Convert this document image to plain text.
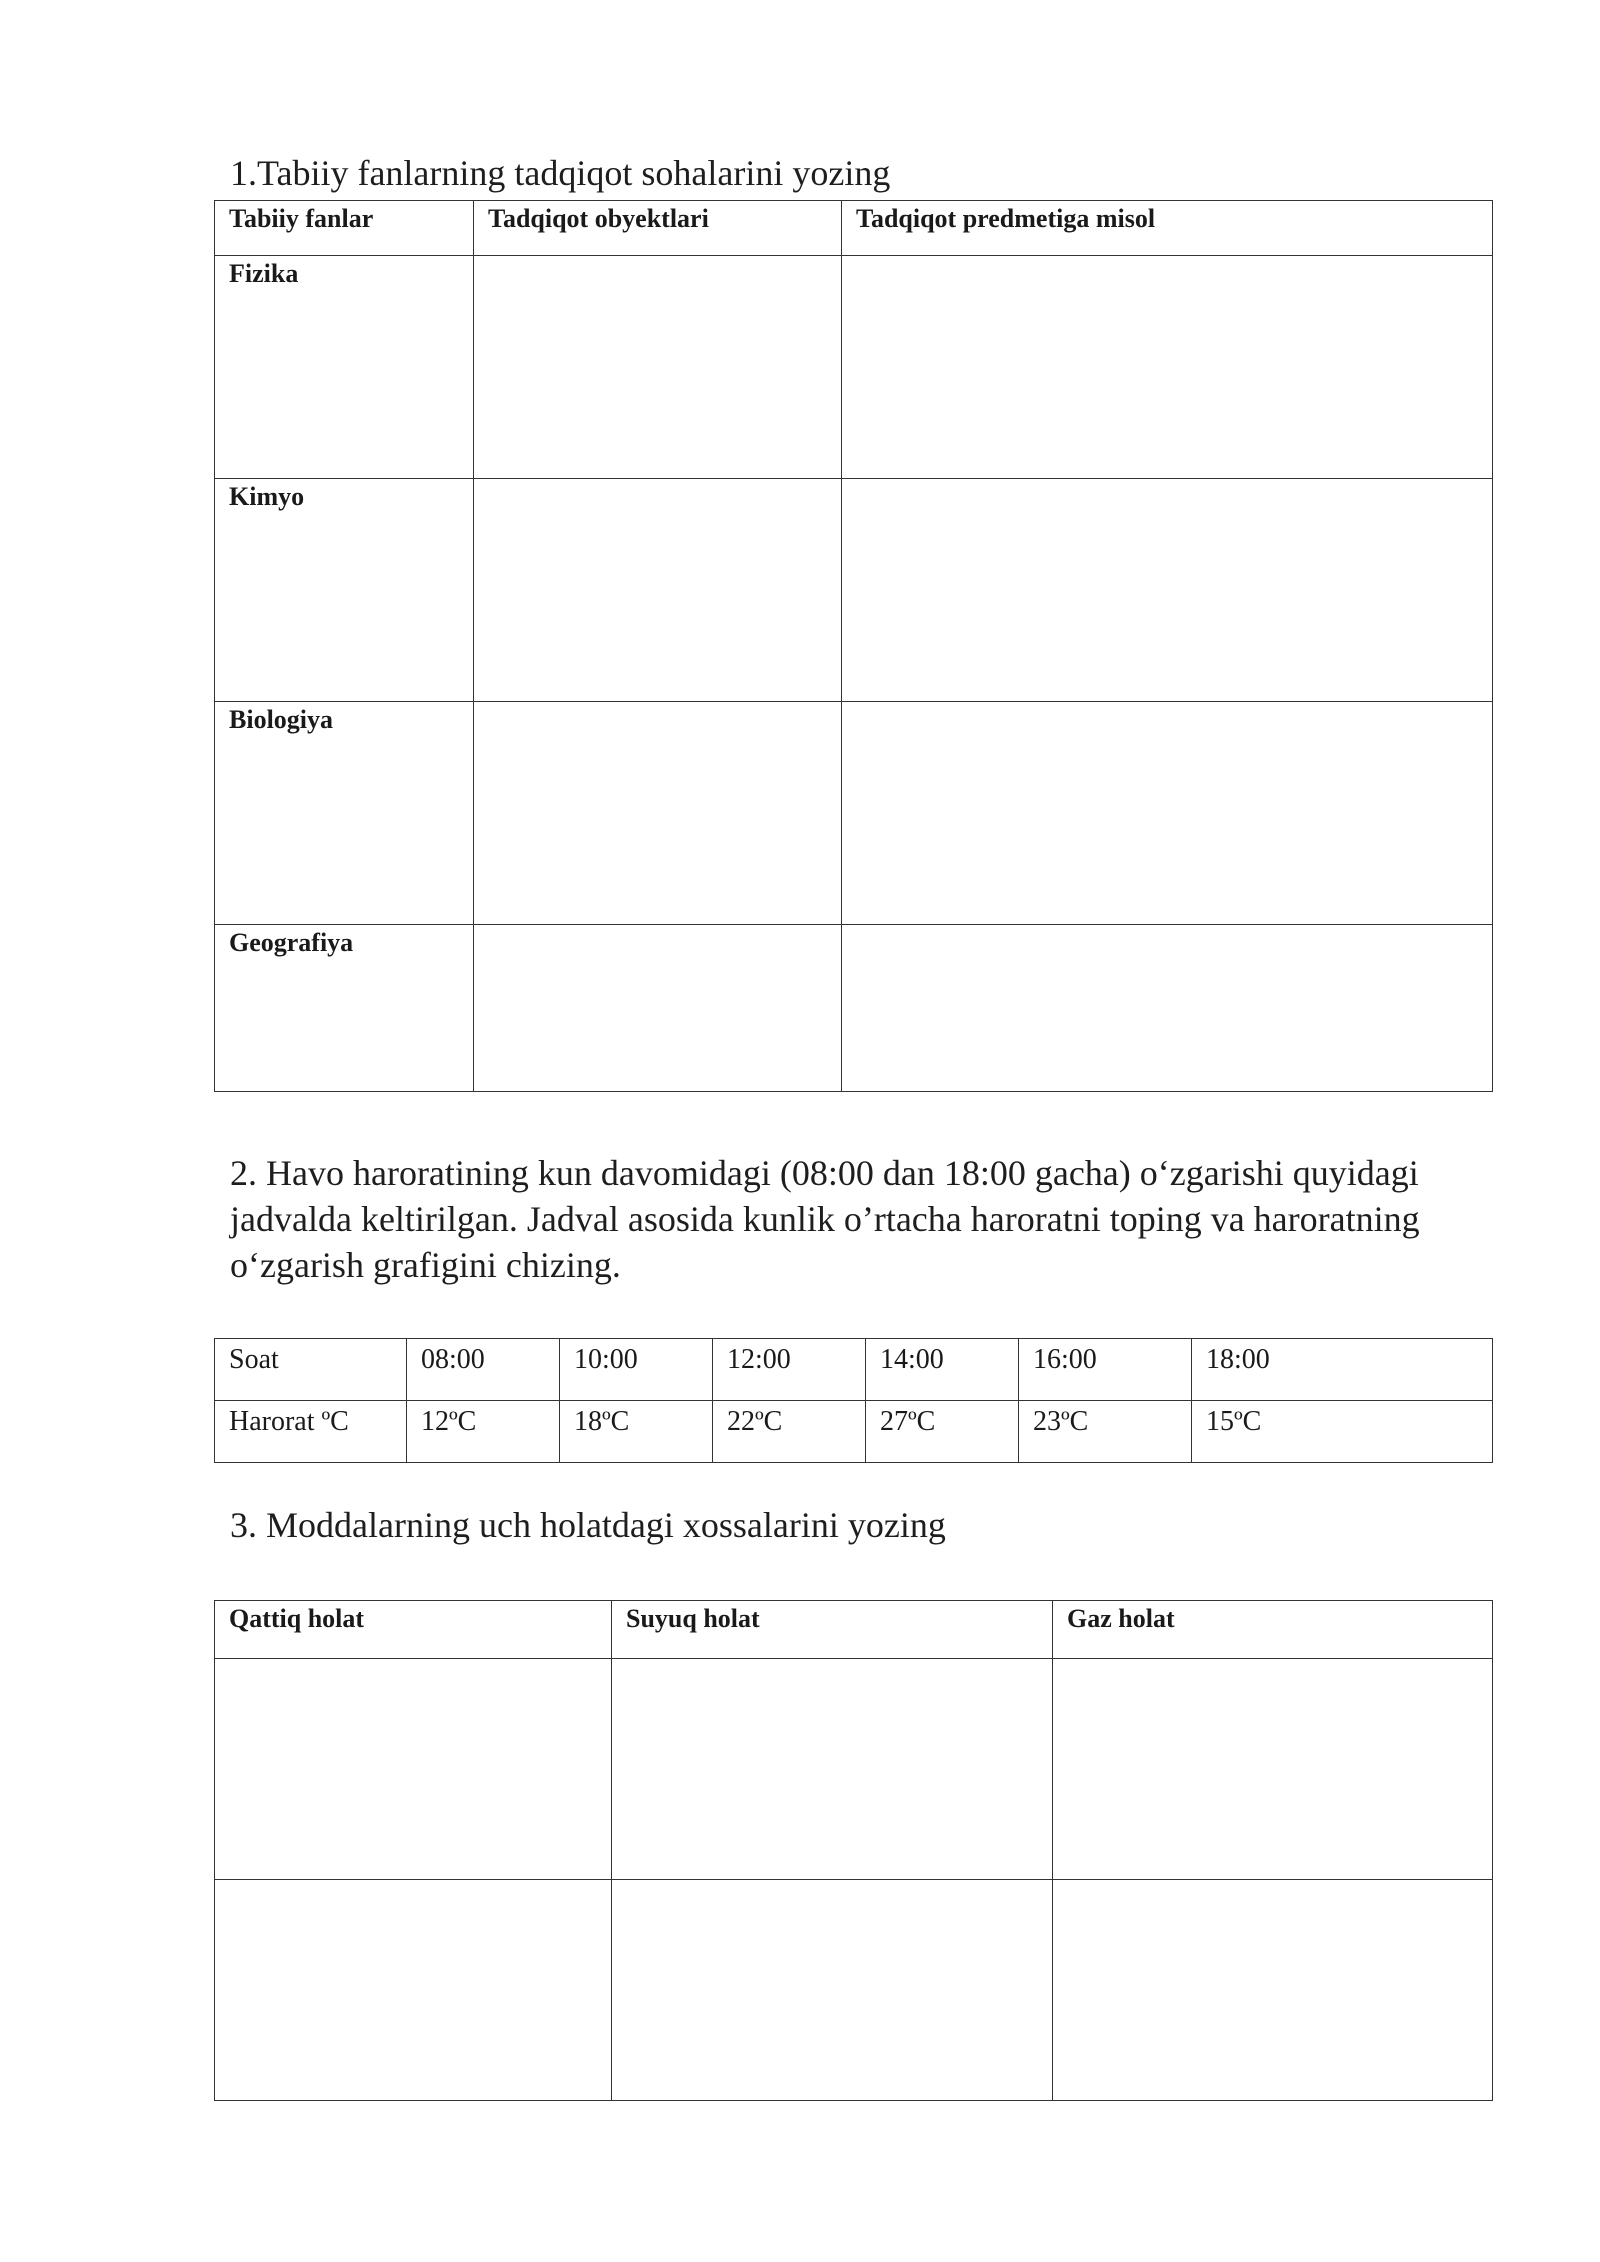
1.Tabiiy fanlarning tadqiqot sohalarini yozing

Tabiiy fanlar	Tadqiqot obyektlari	Tadqiqot predmetiga misol
Fizika		
Kimyo		
Biologiya		
Geografiya		

2. Havo haroratining kun davomidagi (08:00 dan 18:00 gacha) o‘zgarishi quyidagi jadvalda keltirilgan. Jadval asosida kunlik o’rtacha haroratni toping va haroratning o‘zgarish grafigini chizing.

Soat	08:00	10:00	12:00	14:00	16:00	18:00
Harorat ºC	12ºC	18ºC	22ºC	27ºC	23ºC	15ºC

3. Moddalarning uch holatdagi xossalarini yozing

Qattiq holat	Suyuq holat	Gaz holat
